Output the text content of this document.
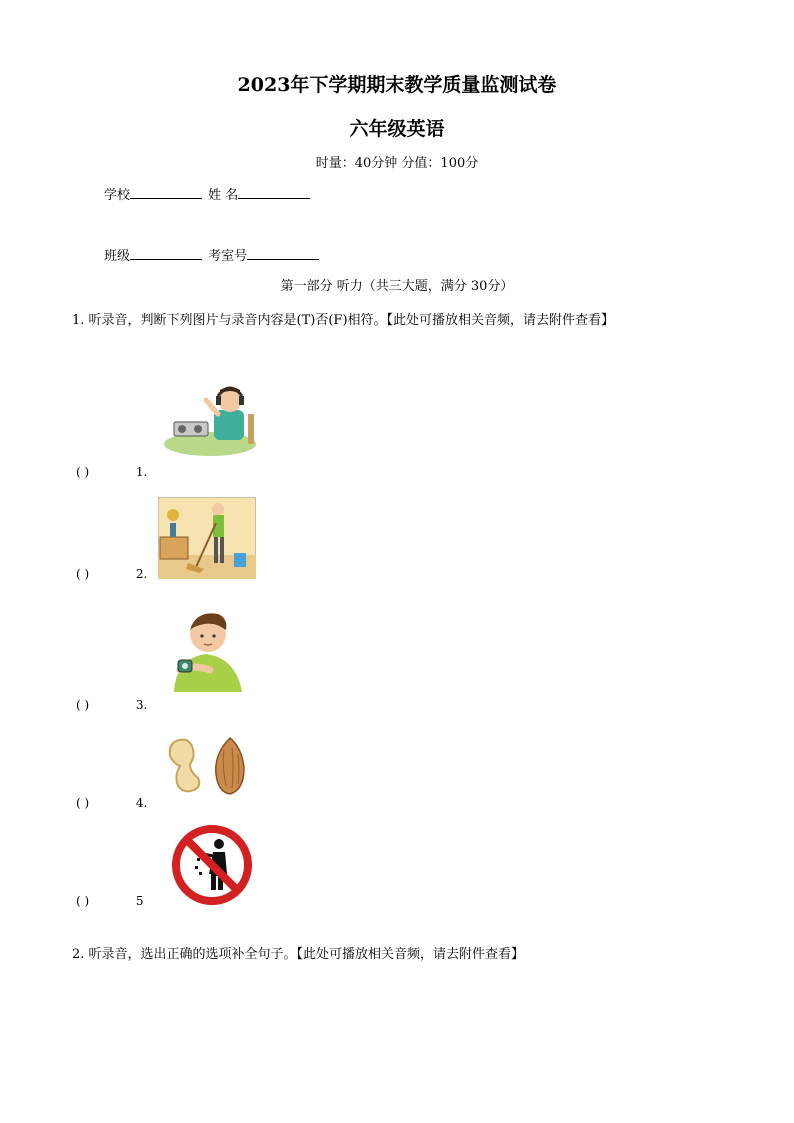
2023年下学期期末教学质量监测试卷
六年级英语
时量：40分钟 分值：100分
学校	姓 名
班级	考室号
第一部分 听力（共三大题，满分 30分）
1. 听录音，判断下列图片与录音内容是(T)否(F)相符。【此处可播放相关音频，请去附件查看】
( )	1.
( )	2.
( )	3.
( )	4.
( )	5
2. 听录音，选出正确的选项补全句子。【此处可播放相关音频，请去附件查看】
